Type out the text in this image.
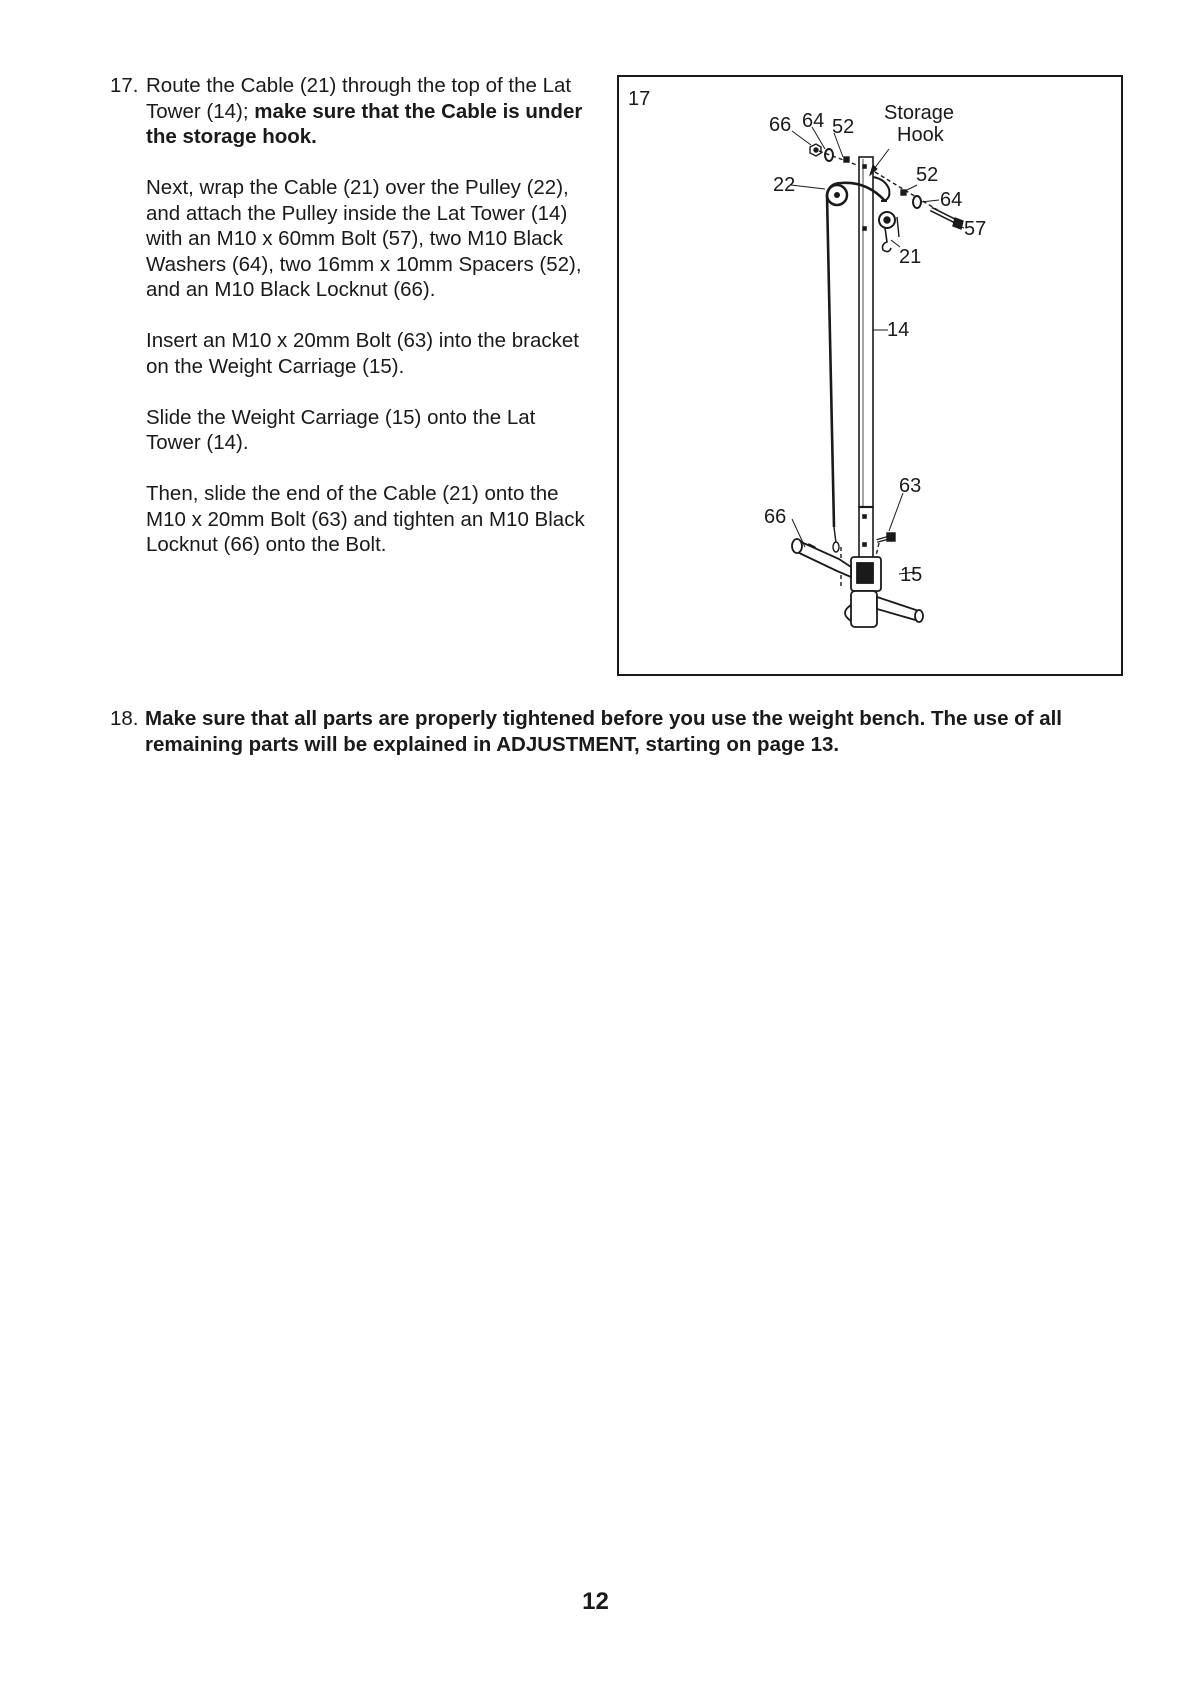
17. Route the Cable (21) through the top of the Lat Tower (14); make sure that the Cable is under the storage hook.

Next, wrap the Cable (21) over the Pulley (22), and attach the Pulley inside the Lat Tower (14) with an M10 x 60mm Bolt (57), two M10 Black Washers (64), two 16mm x 10mm Spacers (52), and an M10 Black Locknut (66).

Insert an M10 x 20mm Bolt (63) into the bracket on the Weight Carriage (15).

Slide the Weight Carriage (15) onto the Lat Tower (14).

Then, slide the end of the Cable (21) onto the M10 x 20mm Bolt (63) and tighten an M10 Black Locknut (66) onto the Bolt.

17
66 64 52
Storage
Hook
22	52
64
57
21
14
63
66
15
18. Make sure that all parts are properly tightened before you use the weight bench. The use of all remaining parts will be explained in ADJUSTMENT, starting on page 13.
12
